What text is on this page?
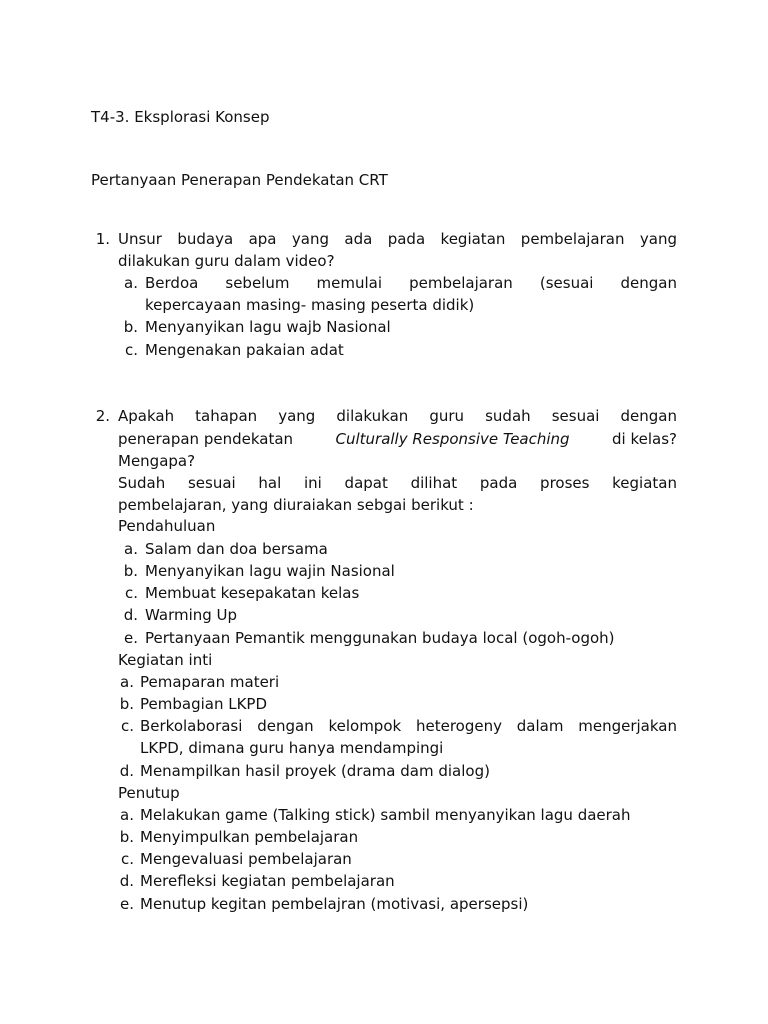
T4-3. Eksplorasi Konsep
Pertanyaan Penerapan Pendekatan CRT
1. Unsur budaya apa yang ada pada kegiatan pembelajaran yang
dilakukan guru dalam video?
a. Berdoa sebelum memulai pembelajaran (sesuai dengan
kepercayaan masing- masing peserta didik)
b. Menyanyikan lagu wajb Nasional
c. Mengenakan pakaian adat
2. Apakah tahapan yang dilakukan guru sudah sesuai dengan
penerapan pendekatan	Culturally Responsive Teaching	di kelas?
Mengapa?
Sudah sesuai hal ini dapat dilihat pada proses kegiatan
pembelajaran, yang diuraiakan sebgai berikut :
Pendahuluan
a. Salam dan doa bersama
b. Menyanyikan lagu wajin Nasional
c. Membuat kesepakatan kelas
d. Warming Up
e. Pertanyaan Pemantik menggunakan budaya local (ogoh-ogoh)
Kegiatan inti
a. Pemaparan materi
b. Pembagian LKPD
c. Berkolaborasi dengan kelompok heterogeny dalam mengerjakan
LKPD, dimana guru hanya mendampingi
d. Menampilkan hasil proyek (drama dam dialog)
Penutup
a. Melakukan game (Talking stick) sambil menyanyikan lagu daerah
b. Menyimpulkan pembelajaran
c. Mengevaluasi pembelajaran
d. Merefleksi kegiatan pembelajaran
e. Menutup kegitan pembelajran (motivasi, apersepsi)
